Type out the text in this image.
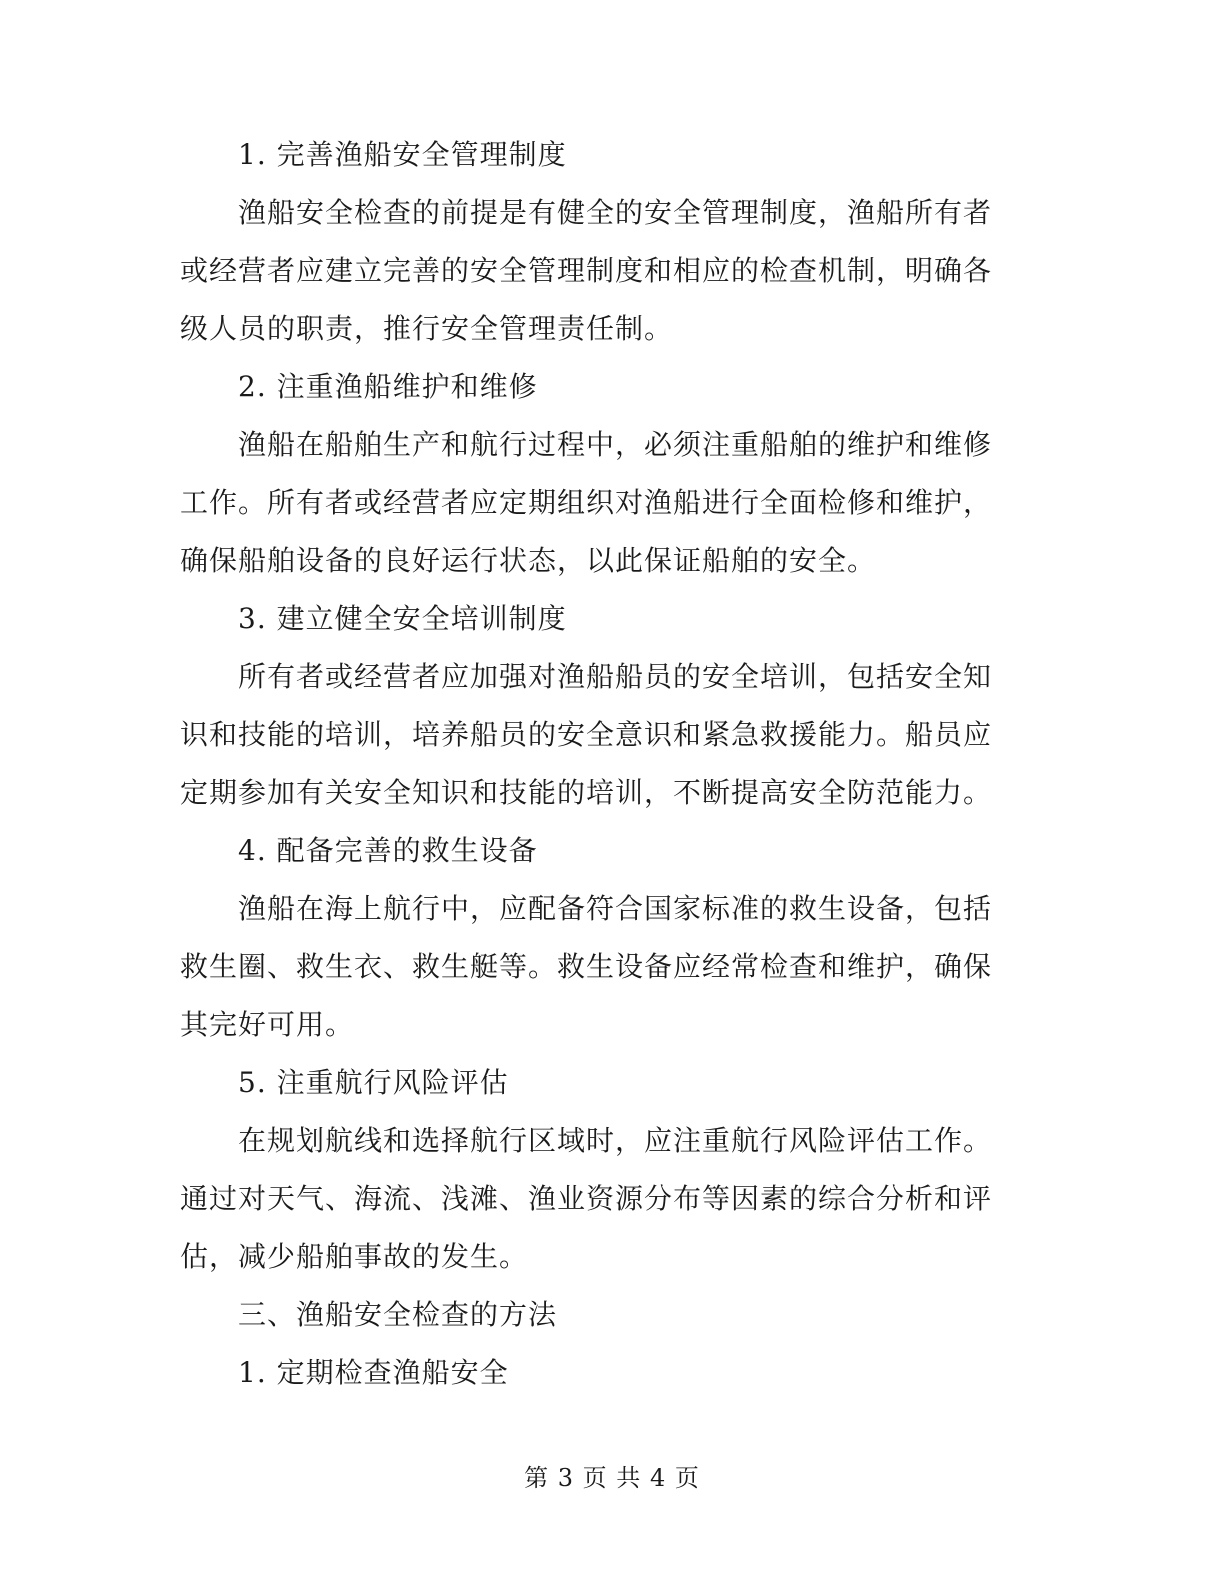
1. 完善渔船安全管理制度
渔船安全检查的前提是有健全的安全管理制度，渔船所有者
或经营者应建立完善的安全管理制度和相应的检查机制，明确各
级人员的职责，推行安全管理责任制。
2. 注重渔船维护和维修
渔船在船舶生产和航行过程中，必须注重船舶的维护和维修
工作。所有者或经营者应定期组织对渔船进行全面检修和维护，
确保船舶设备的良好运行状态，以此保证船舶的安全。
3. 建立健全安全培训制度
所有者或经营者应加强对渔船船员的安全培训，包括安全知
识和技能的培训，培养船员的安全意识和紧急救援能力。船员应
定期参加有关安全知识和技能的培训，不断提高安全防范能力。
4. 配备完善的救生设备
渔船在海上航行中，应配备符合国家标准的救生设备，包括
救生圈、救生衣、救生艇等。救生设备应经常检查和维护，确保
其完好可用。
5. 注重航行风险评估
在规划航线和选择航行区域时，应注重航行风险评估工作。
通过对天气、海流、浅滩、渔业资源分布等因素的综合分析和评
估，减少船舶事故的发生。
三、渔船安全检查的方法
1. 定期检查渔船安全
第 3 页 共 4 页
